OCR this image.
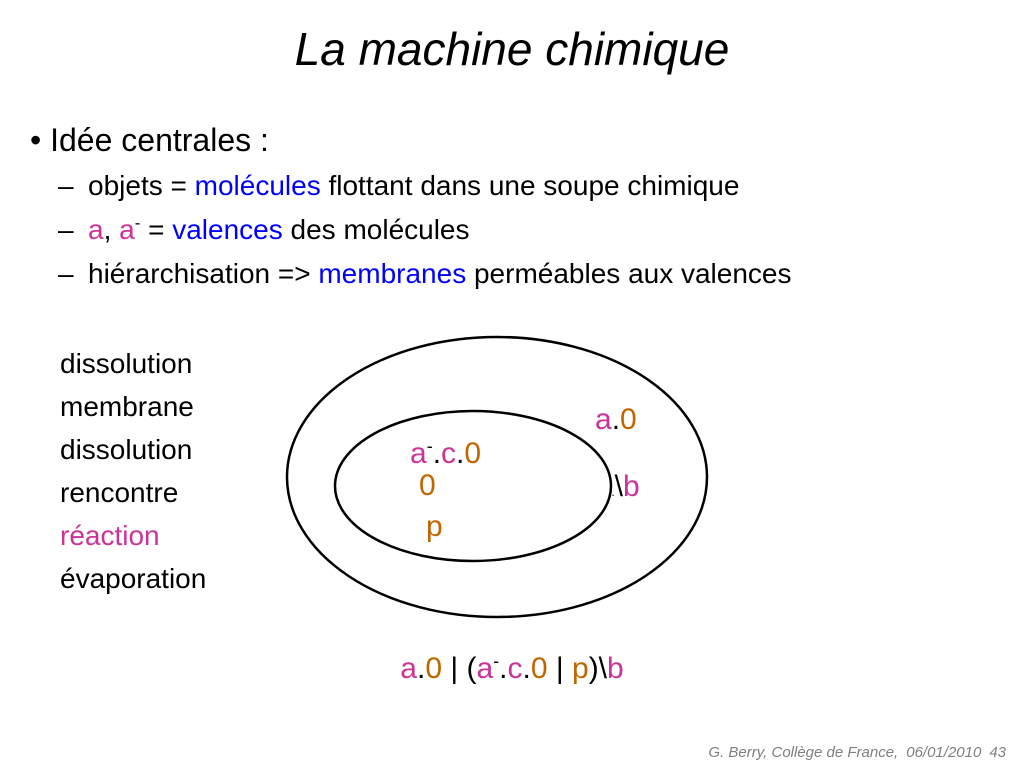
La machine chimique
• Idée centrales :
– objets = molécules flottant dans une soupe chimique
– a, a- = valences des molécules
– hiérarchisation => membranes perméables aux valences
dissolution
membrane
dissolution
rencontre
réaction
évaporation
a.0
a-.c.0
0
p
..\b
a.0 | (a-.c.0 | p)\b
G. Berry, Collège de France, 06/01/2010 43
